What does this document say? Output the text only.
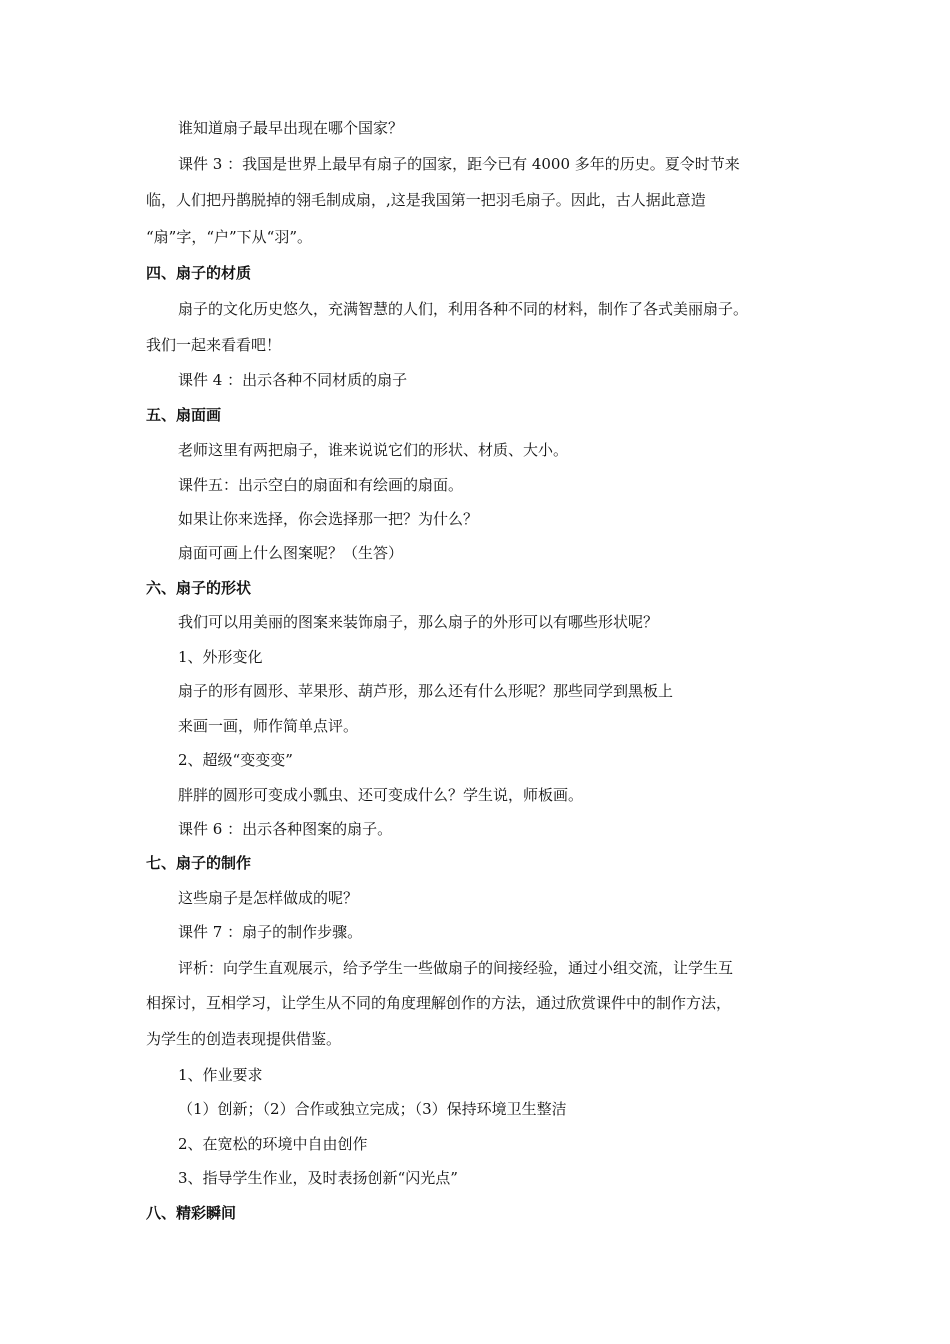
谁知道扇子最早出现在哪个国家？
课件 3 ：我国是世界上最早有扇子的国家，距今已有 4000 多年的历史。夏令时节来
临，人们把丹鹊脱掉的翎毛制成扇，,这是我国第一把羽毛扇子。因此，古人据此意造
“扇”字，“户”下从“羽”。
四、扇子的材质
扇子的文化历史悠久，充满智慧的人们，利用各种不同的材料，制作了各式美丽扇子。
我们一起来看看吧！
课件 4 ：出示各种不同材质的扇子
五、扇面画
老师这里有两把扇子，谁来说说它们的形状、材质、大小。
课件五：出示空白的扇面和有绘画的扇面。
如果让你来选择，你会选择那一把？为什么？
扇面可画上什么图案呢？（生答）
六、扇子的形状
我们可以用美丽的图案来装饰扇子，那么扇子的外形可以有哪些形状呢？
1、外形变化
扇子的形有圆形、苹果形、葫芦形，那么还有什么形呢？那些同学到黑板上
来画一画，师作简单点评。
2、超级“变变变”
胖胖的圆形可变成小瓢虫、还可变成什么？学生说，师板画。
课件 6 ：出示各种图案的扇子。
七、扇子的制作
这些扇子是怎样做成的呢？
课件 7 ：扇子的制作步骤。
评析：向学生直观展示，给予学生一些做扇子的间接经验，通过小组交流，让学生互
相探讨，互相学习，让学生从不同的角度理解创作的方法，通过欣赏课件中的制作方法，
为学生的创造表现提供借鉴。
1、作业要求
（1）创新；（2）合作或独立完成；（3）保持环境卫生整洁
2、在宽松的环境中自由创作
3、指导学生作业，及时表扬创新“闪光点”
八、精彩瞬间
